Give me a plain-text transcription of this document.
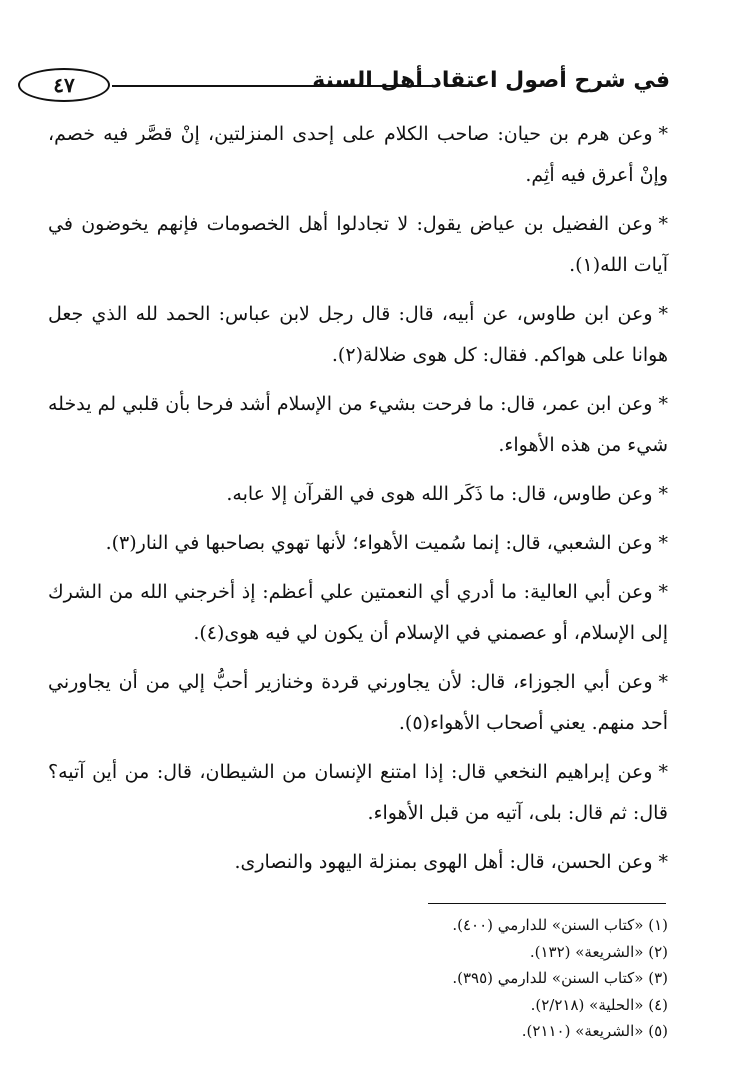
٤٧	في شرح أصول اعتقاد أهل السنة

*وعن هرم بن حيان: صاحب الكلام على إحدى المنزلتين، إنْ قصَّر فيه خصم، وإنْ أعرق فيه أثِم.

*وعن الفضيل بن عياض يقول: لا تجادلوا أهل الخصومات فإنهم يخوضون في آيات الله(١).

*وعن ابن طاوس، عن أبيه، قال: قال رجل لابن عباس: الحمد لله الذي جعل هوانا على هواكم. فقال: كل هوى ضلالة(٢).

*وعن ابن عمر، قال: ما فرحت بشيء من الإسلام أشد فرحا بأن قلبي لم يدخله شيء من هذه الأهواء.

*وعن طاوس، قال: ما ذَكَر الله هوى في القرآن إلا عابه.

*وعن الشعبي، قال: إنما سُميت الأهواء؛ لأنها تهوي بصاحبها في النار(٣).

*وعن أبي العالية: ما أدري أي النعمتين علي أعظم: إذ أخرجني الله من الشرك إلى الإسلام، أو عصمني في الإسلام أن يكون لي فيه هوى(٤).

*وعن أبي الجوزاء، قال: لأن يجاورني قردة وخنازير أحبُّ إلي من أن يجاورني أحد منهم. يعني أصحاب الأهواء(٥).

*وعن إبراهيم النخعي قال: إذا امتنع الإنسان من الشيطان، قال: من أين آتيه؟ قال: ثم قال: بلى، آتيه من قبل الأهواء.

*وعن الحسن، قال: أهل الهوى بمنزلة اليهود والنصارى.

(١) «كتاب السنن» للدارمي (٤٠٠).

(٢) «الشريعة» (١٣٢).

(٣) «كتاب السنن» للدارمي (٣٩٥).

(٤) «الحلية» (٢/٢١٨).

(٥) «الشريعة» (٢١١٠).
